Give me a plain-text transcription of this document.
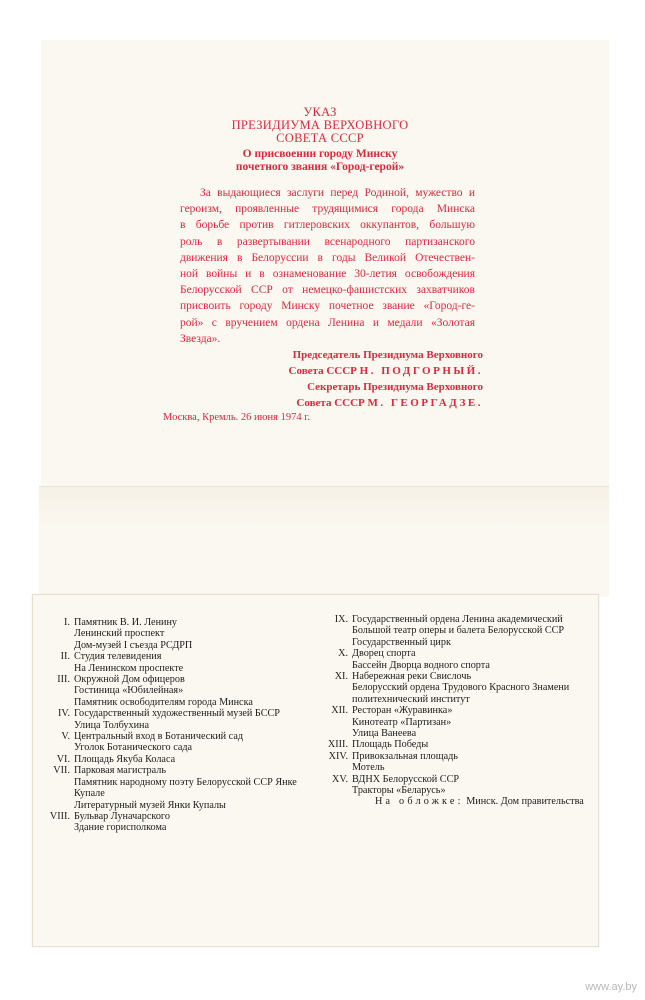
УКАЗ
ПРЕЗИДИУМА ВЕРХОВНОГО
СОВЕТА СССР
О присвоении городу Минску
почетного звания «Город-герой»
За выдающиеся заслуги перед Родиной, мужество и
героизм, проявленные трудящимися города Минска
в борьбе против гитлеровских оккупантов, большую
роль в развертывании всенародного партизанского
движения в Белоруссии в годы Великой Отечествен-
ной войны и в ознаменование 30-летия освобождения
Белорусской ССР от немецко-фашистских захватчиков
присвоить городу Минску почетное звание «Город-ге-
рой» с вручением ордена Ленина и медали «Золотая
Звезда».
Председатель Президиума Верховного
Совета СССР Н. ПОДГОРНЫЙ.
Секретарь Президиума Верховного
Совета СССР М. ГЕОРГАДЗЕ.
Москва, Кремль. 26 июня 1974 г.
I. Памятник В. И. Ленину
Ленинский проспект
Дом-музей I съезда РСДРП
II. Студия телевидения
На Ленинском проспекте
III. Окружной Дом офицеров
Гостиница «Юбилейная»
Памятник освободителям города Минска
IV. Государственный художественный музей БССР
Улица Толбухина
V. Центральный вход в Ботанический сад
Уголок Ботанического сада
VI. Площадь Якуба Коласа
VII. Парковая магистраль
Памятник народному поэту Белорусской ССР Янке
Купале
Литературный музей Янки Купалы
VIII. Бульвар Луначарского
Здание горисполкома
IX. Государственный ордена Ленина академический
Большой театр оперы и балета Белорусской ССР
Государственный цирк
X. Дворец спорта
Бассейн Дворца водного спорта
XI. Набережная реки Свислочь
Белорусский ордена Трудового Красного Знамени
политехнический институт
XII. Ресторан «Журавинка»
Кинотеатр «Партизан»
Улица Ванеева
XIII. Площадь Победы
XIV. Привокзальная площадь
Мотель
XV. ВДНХ Белорусской ССР
Тракторы «Беларусь»
На обложке: Минск. Дом правительства
www.ay.by
